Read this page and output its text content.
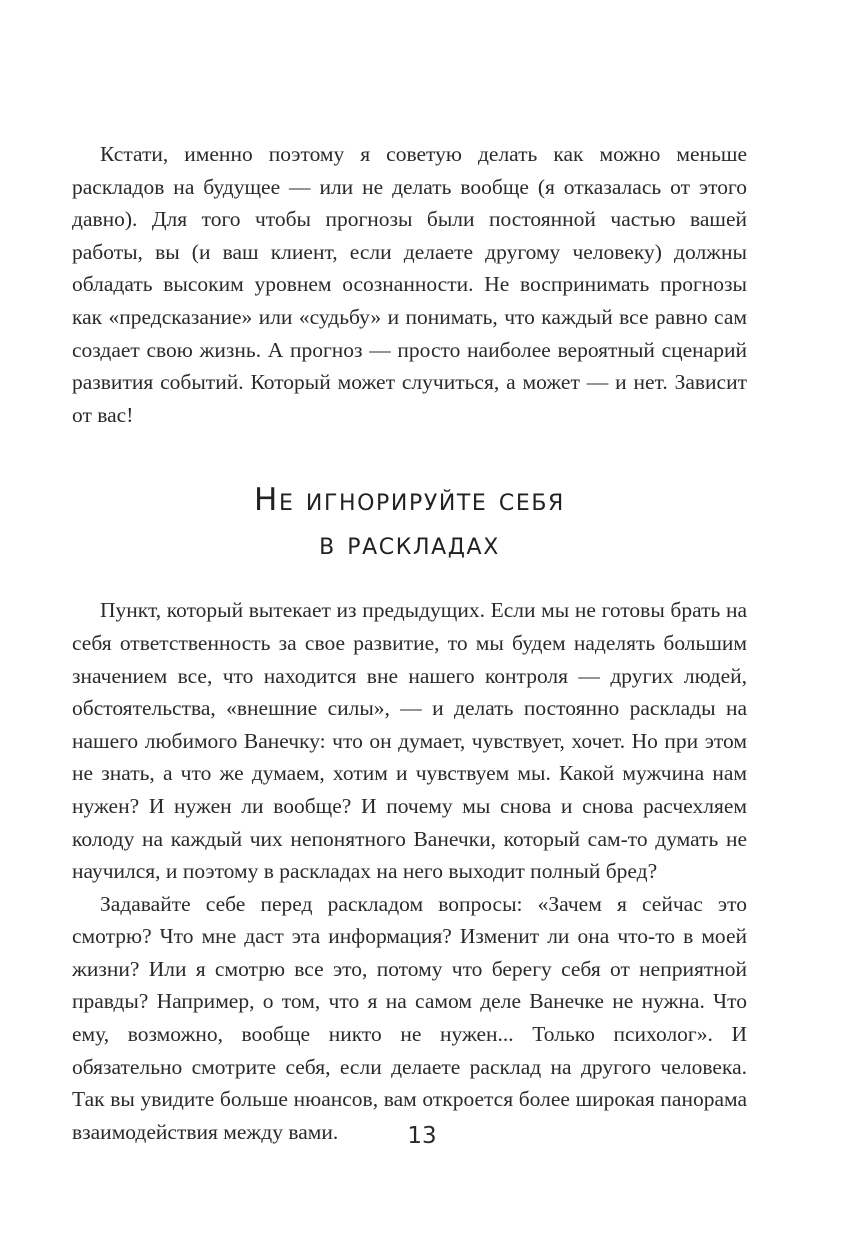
Кстати, именно поэтому я советую делать как можно меньше раскладов на будущее — или не делать вообще (я отказалась от этого давно). Для того чтобы прогнозы были постоянной частью вашей работы, вы (и ваш клиент, если делаете другому человеку) должны обладать высоким уровнем осознанности. Не воспринимать прогнозы как «предсказание» или «судьбу» и понимать, что каждый все равно сам создает свою жизнь. А прогноз — просто наиболее вероятный сценарий развития событий. Который может случиться, а может — и нет. Зависит от вас!

Не игнорируйте себя
в раскладах

Пункт, который вытекает из предыдущих. Если мы не готовы брать на себя ответственность за свое развитие, то мы будем наделять большим значением все, что находится вне нашего контроля — других людей, обстоятельства, «внешние силы», — и делать постоянно расклады на нашего любимого Ванечку: что он думает, чувствует, хочет. Но при этом не знать, а что же думаем, хотим и чувствуем мы. Какой мужчина нам нужен? И нужен ли вообще? И почему мы снова и снова расчехляем колоду на каждый чих непонятного Ванечки, который сам-то думать не научился, и поэтому в раскладах на него выходит полный бред?

Задавайте себе перед раскладом вопросы: «Зачем я сейчас это смотрю? Что мне даст эта информация? Изменит ли она что-то в моей жизни? Или я смотрю все это, потому что берегу себя от неприятной правды? Например, о том, что я на самом деле Ванечке не нужна. Что ему, возможно, вообще никто не нужен... Только психолог». И обязательно смотрите себя, если делаете расклад на другого человека. Так вы увидите больше нюансов, вам откроется более широкая панорама взаимодействия между вами.	13
